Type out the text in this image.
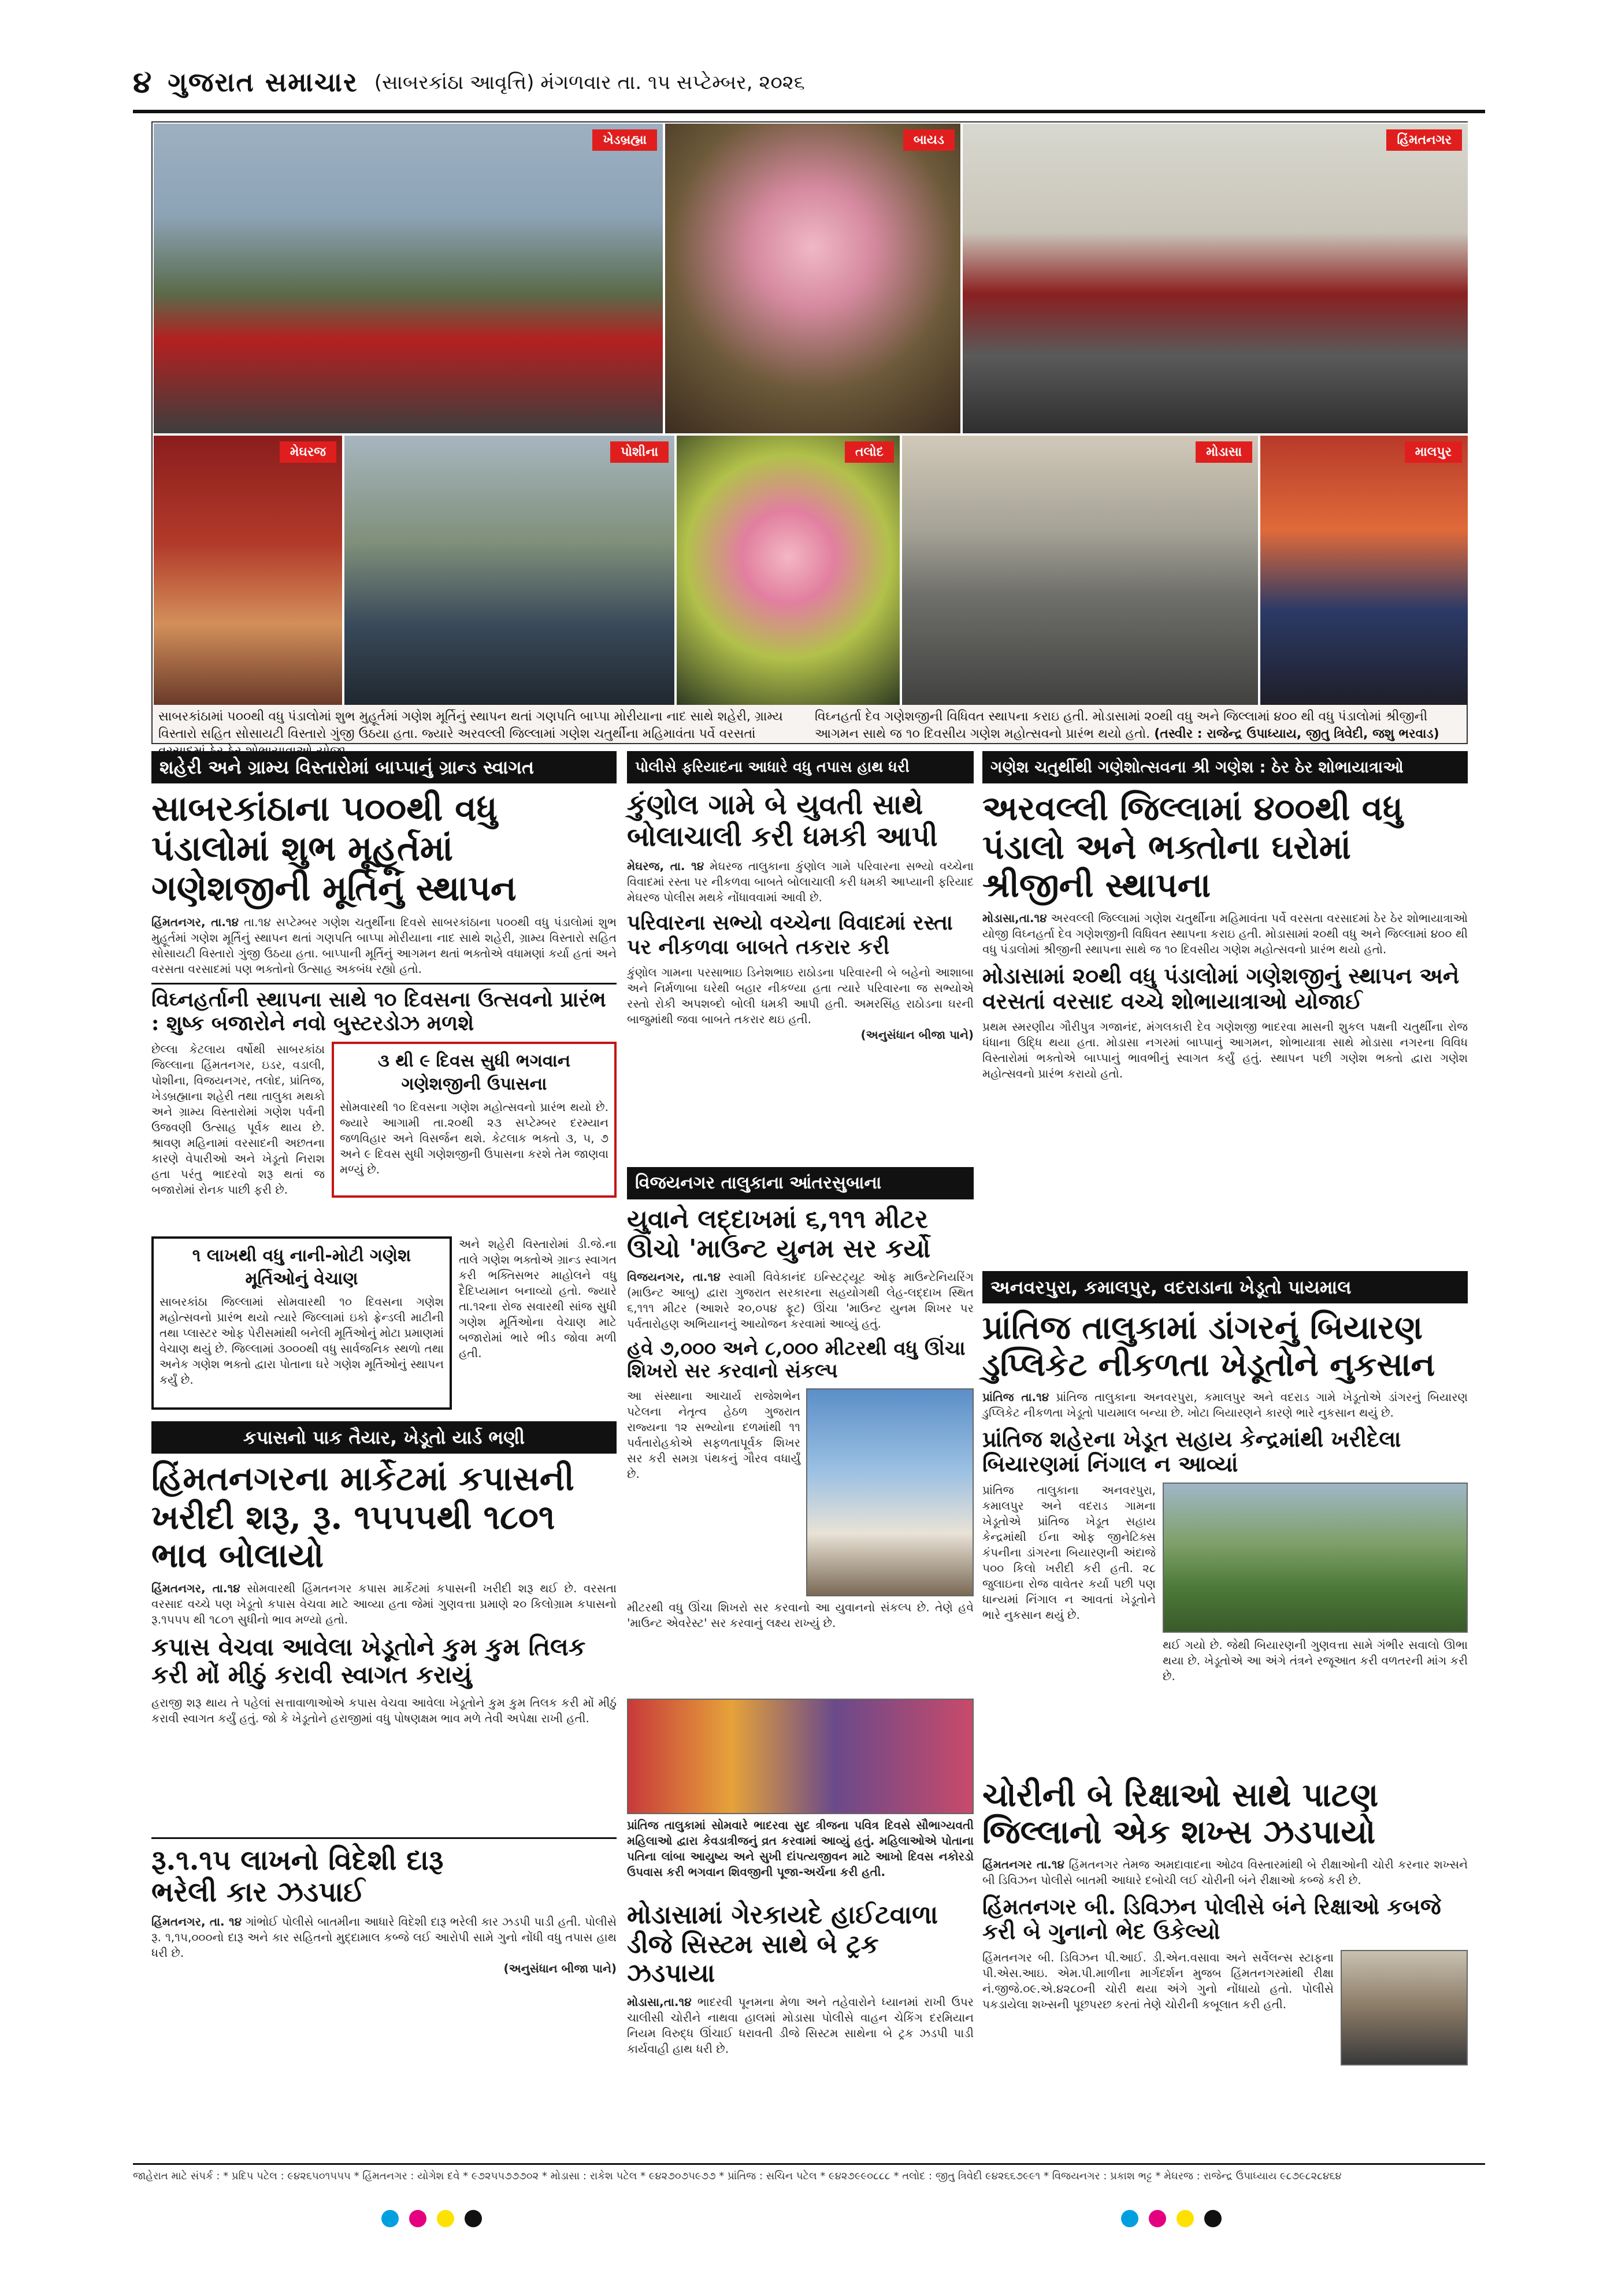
૪ ગુજરાત સમાચાર (સાબરકાંઠા આવૃત્તિ) મંગળવાર તા. ૧૫ સપ્ટેમ્બર, ૨૦૨૬
ખેડબ્રહ્મા	બાયડ	હિંમતનગર
મેઘરજ	પોશીના	તલોદ	મોડાસા	માલપુર
સાબરકાંઠામાં ૫૦૦થી વધુ પંડાલોમાં શુભ મુહૂર્તમાં ગણેશ મૂર્તિનું સ્થાપન થતાં ગણપતિ બાપ્પા મોરીયાના નાદ સાથે શહેરી, ગ્રામ્ય વિસ્તારો સહિત સોસાયટી વિસ્તારો ગુંજી ઉઠયા હતા. જ્યારે અરવલ્લી જિલ્લામાં ગણેશ ચતુર્થીના મહિમાવંતા પર્વે વરસતાં
વિઘ્નહર્તા દેવ ગણેશજીની વિધિવત સ્થાપના કરાઇ હતી. મોડાસામાં ૨૦થી વધુ અને જિલ્લામાં ૪૦૦ થી વધુ પંડાલોમાં શ્રીજીની આગમન સાથે જ ૧૦ દિવસીય ગણેશ મહોત્સવનો પ્રારંભ થયો હતો. (તસ્વીર : રાજેન્દ્ર ઉપાધ્યાય, જીતુ ત્રિવેદી, જશુ ભરવાડ)
શહેરી અને ગ્રામ્ય વિસ્તારોમાં બાપ્પાનું ગ્રાન્ડ સ્વાગત
સાબરકાંઠાના ૫૦૦થી વધુ પંડાલોમાં શુભ મૂહૂર્તમાં ગણેશજીની મૂર્તિનું સ્થાપન
હિંમતનગર, તા.૧૪ તા.૧૪ સપ્ટેમ્બર ગણેશ ચતુર્થીના દિવસે સાબરકાંઠાના ૫૦૦થી વધુ પંડાલોમાં શુભ મુહૂર્તમાં ગણેશ મૂર્તિનું સ્થાપન થતાં ગણપતિ બાપ્પા મોરીયાના નાદ સાથે શહેરી, ગ્રામ્ય વિસ્તારો સહિત સોસાયટી વિસ્તારો ગુંજી ઉઠયા હતા. બાપ્પાની મૂર્તિનું આગમન થતાં ભક્તોએ વધામણાં કર્યા હતાં અને વરસતા વરસાદમાં પણ ભક્તોનો ઉત્સાહ અકબંધ રહ્યો હતો.
વિઘ્નહર્તાની સ્થાપના સાથે ૧૦ દિવસના ઉત્સવનો પ્રારંભ : શુષ્ક બજારોને નવો બુસ્ટરડોઝ મળશે
છેલ્લા કેટલાય વર્ષોથી સાબરકાંઠા જિલ્લાના હિંમતનગર, ઇડર, વડાલી, પોશીના, વિજયનગર, તલોદ, પ્રાંતિજ, ખેડબ્રહ્માના શહેરી તથા તાલુકા મથકો અને ગ્રામ્ય વિસ્તારોમાં ગણેશ પર્વની ઉજવણી ઉત્સાહ પૂર્વક થાય છે. શ્રાવણ મહિનામાં વરસાદની અછતના કારણે વેપારીઓ અને ખેડૂતો નિરાશ હતા પરંતુ ભાદરવો શરૂ થતાં જ બજારોમાં રોનક પાછી ફરી છે.
૩ થી ૯ દિવસ સુધી ભગવાન ગણેશજીની ઉપાસના
સોમવારથી ૧૦ દિવસના ગણેશ મહોત્સવનો પ્રારંભ થયો છે. જ્યારે આગામી તા.૨૦થી ૨૩ સપ્ટેમ્બર દરમ્યાન જળવિહાર અને વિસર્જન થશે. કેટલાક ભક્તો ૩, ૫, ૭ અને ૯ દિવસ સુધી ગણેશજીની ઉપાસના કરશે તેમ જાણવા મળ્યું છે.
૧ લાખથી વધુ નાની-મોટી ગણેશ મૂર્તિઓનું વેચાણ
સાબરકાંઠા જિલ્લામાં સોમવારથી ૧૦ દિવસના ગણેશ મહોત્સવનો પ્રારંભ થયો ત્યારે જિલ્લામાં ઇકો ફ્રેન્ડલી માટીની તથા પ્લાસ્ટર ઓફ પેરીસમાંથી બનેલી મૂર્તિઓનું મોટા પ્રમાણમાં વેચાણ થયું છે. જિલ્લામાં ૩૦૦૦થી વધુ સાર્વજનિક સ્થળો તથા અનેક ગણેશ ભક્તો દ્વારા પોતાના ઘરે ગણેશ મૂર્તિઓનું સ્થાપન કર્યું છે.
અને શહેરી વિસ્તારોમાં ડી.જે.ના તાલે ગણેશ ભક્તોએ ગ્રાન્ડ સ્વાગત કરી ભક્તિસભર માહોલને વધુ દૈદિપ્યમાન બનાવ્યો હતો. જ્યારે તા.૧૨ના રોજ સવારથી સાંજ સુધી ગણેશ મૂર્તિઓના વેચાણ માટે બજારોમાં ભારે ભીડ જોવા મળી હતી.
કપાસનો પાક તૈયાર, ખેડૂતો યાર્ડ ભણી
હિંમતનગરના માર્કેટમાં કપાસની ખરીદી શરૂ, રૂ. ૧૫૫૫થી ૧૮૦૧ ભાવ બોલાયો
હિંમતનગર, તા.૧૪ સોમવારથી હિંમતનગર કપાસ માર્કેટમાં કપાસની ખરીદી શરૂ થઈ છે. વરસતા વરસાદ વચ્ચે પણ ખેડૂતો કપાસ વેચવા માટે આવ્યા હતા જેમાં ગુણવત્તા પ્રમાણે ૨૦ કિલોગ્રામ કપાસનો રૂ.૧૫૫૫ થી ૧૮૦૧ સુધીનો ભાવ મળ્યો હતો.
કપાસ વેચવા આવેલા ખેડૂતોને કુમ કુમ તિલક કરી મોં મીઠું કરાવી સ્વાગત કરાયું
હરાજી શરૂ થાય તે પહેલાં સત્તાવાળાઓએ કપાસ વેચવા આવેલા ખેડૂતોને કુમ કુમ તિલક કરી મોં મીઠું કરાવી સ્વાગત કર્યું હતું. જો કે ખેડૂતોને હરાજીમાં વધુ પોષણક્ષમ ભાવ મળે તેવી અપેક્ષા રાખી હતી.
રૂ.૧.૧૫ લાખનો વિદેશી દારૂ ભરેલી કાર ઝડપાઈ
હિંમતનગર, તા. ૧૪ ગાંભોઈ પોલીસે બાતમીના આધારે વિદેશી દારૂ ભરેલી કાર ઝડપી પાડી હતી. પોલીસે રૂ. ૧,૧૫,૦૦૦નો દારૂ અને કાર સહિતનો મુદ્દામાલ કબ્જે લઈ આરોપી સામે ગુનો નોંધી વધુ તપાસ હાથ ધરી છે.
(અનુસંધાન બીજા પાને)
પોલીસે ફરિયાદના આધારે વધુ તપાસ હાથ ધરી
કુંણોલ ગામે બે યુવતી સાથે બોલાચાલી કરી ધમકી આપી
મેઘરજ, તા. ૧૪ મેઘરજ તાલુકાના કુંણોલ ગામે પરિવારના સભ્યો વચ્ચેના વિવાદમાં રસ્તા પર નીકળવા બાબતે બોલાચાલી કરી ધમકી આપ્યાની ફરિયાદ મેઘરજ પોલીસ મથકે નોંધાવવામાં આવી છે.
પરિવારના સભ્યો વચ્ચેના વિવાદમાં રસ્તા પર નીકળવા બાબતે તકરાર કરી
કુંણોલ ગામના પરસાભાઇ ડિનેશભાઇ રાઠોડના પરિવારની બે બહેનો આશાબા અને નિર્મળાબા ઘરેથી બહાર નીકળ્યા હતા ત્યારે પરિવારના જ સભ્યોએ રસ્તો રોકી અપશબ્દો બોલી ધમકી આપી હતી. અમરસિંહ રાઠોડના ઘરની બાજુમાંથી જવા બાબતે તકરાર થઇ હતી.
(અનુસંધાન બીજા પાને)
વિજયનગર તાલુકાના આંતરસુબાના
યુવાને લદ્દાખમાં ૬,૧૧૧ મીટર ઊંચો 'માઉન્ટ યુનમ સર કર્યો
વિજયનગર, તા.૧૪ સ્વામી વિવેકાનંદ ઇન્સ્ટિટ્યૂટ ઓફ માઉન્ટેનિયરિંગ (માઉન્ટ આબુ) દ્વારા ગુજરાત સરકારના સહયોગથી લેહ-લદ્દાખ સ્થિત ૬,૧૧૧ મીટર (આશરે ૨૦,૦૫૪ ફૂટ) ઊંચા 'માઉન્ટ યુનમ શિખર પર પર્વતારોહણ અભિયાનનું આયોજન કરવામાં આવ્યું હતું.
હવે ૭,૦૦૦ અને ૮,૦૦૦ મીટરથી વધુ ઊંચા શિખરો સર કરવાનો સંકલ્પ
આ સંસ્થાના આચાર્ય રાજેશભેન પટેલના નેતૃત્વ હેઠળ ગુજરાત રાજ્યના ૧૨ સભ્યોના દળમાંથી ૧૧ પર્વતારોહકોએ સફળતાપૂર્વક શિખર સર કરી સમગ્ર પંથકનું ગૌરવ વધાર્યું છે.
મીટરથી વધુ ઊંચા શિખરો સર કરવાનો આ યુવાનનો સંકલ્પ છે. તેણે હવે 'માઉન્ટ એવરેસ્ટ' સર કરવાનું લક્ષ્ય રાખ્યું છે.
પ્રાંતિજ તાલુકામાં સોમવારે ભાદરવા સુદ ત્રીજના પવિત્ર દિવસે સૌભાગ્યવતી મહિલાઓ દ્વારા કેવડાત્રીજનું વ્રત કરવામાં આવ્યું હતું. મહિલાઓએ પોતાના પતિના લાંબા આયુષ્ય અને સુખી દાંપત્યજીવન માટે આખો દિવસ નકોરડો ઉપવાસ કરી ભગવાન શિવજીની પૂજા-અર્ચના કરી હતી.
મોડાસામાં ગેરકાયદે હાઈટવાળા ડીજે સિસ્ટમ સાથે બે ટ્રક ઝડપાયા
મોડાસા,તા.૧૪ ભાદરવી પૂનમના મેળા અને તહેવારોને ધ્યાનમાં રાખી ઉપર ચાલીસી ચોરીને નાથવા હાલમાં મોડાસા પોલીસે વાહન ચેકિંગ દરમિયાન નિયમ વિરુદ્ધ ઊંચાઈ ધરાવતી ડીજે સિસ્ટમ સાથેના બે ટ્રક ઝડપી પાડી કાર્યવાહી હાથ ધરી છે.
ગણેશ ચતુર્થીથી ગણેશોત્સવના શ્રી ગણેશ : ઠેર ઠેર શોભાયાત્રાઓ
અરવલ્લી જિલ્લામાં ૪૦૦થી વધુ પંડાલો અને ભક્તોના ઘરોમાં શ્રીજીની સ્થાપના
મોડાસા,તા.૧૪ અરવલ્લી જિલ્લામાં ગણેશ ચતુર્થીના મહિમાવંતા પર્વે વરસતા વરસાદમાં ઠેર ઠેર શોભાયાત્રાઓ યોજી વિઘ્નહર્તા દેવ ગણેશજીની વિધિવત સ્થાપના કરાઇ હતી. મોડાસામાં ૨૦થી વધુ અને જિલ્લામાં ૪૦૦ થી વધુ પંડાલોમાં શ્રીજીની સ્થાપના સાથે જ ૧૦ દિવસીય ગણેશ મહોત્સવનો પ્રારંભ થયો હતો.
મોડાસામાં ૨૦થી વધુ પંડાલોમાં ગણેશજીનું સ્થાપન અને વરસતાં વરસાદ વચ્ચે શોભાયાત્રાઓ યોજાઈ
પ્રથમ સ્મરણીય ગૌરીપુત્ર ગજાનંદ, મંગલકારી દેવ ગણેશજી ભાદરવા માસની શુકલ પક્ષની ચતુર્થીના રોજ ધંધાના ઉદ્ધિ થયા હતા. મોડાસા નગરમાં બાપ્પાનું આગમન, શોભાયાત્રા સાથે મોડાસા નગરના વિવિધ વિસ્તારોમાં ભક્તોએ બાપ્પાનું ભાવભીનું સ્વાગત કર્યું હતું. સ્થાપન પછી ગણેશ ભક્તો દ્વારા ગણેશ મહોત્સવનો પ્રારંભ કરાયો હતો.
અનવરપુરા, કમાલપુર, વદરાડાના ખેડૂતો પાયમાલ
પ્રાંતિજ તાલુકામાં ડાંગરનું બિયારણ ડુપ્લિકેટ નીકળતા ખેડૂતોને નુકસાન
પ્રાંતિજ તા.૧૪ પ્રાંતિજ તાલુકાના અનવરપુરા, કમાલપુર અને વદરાડ ગામે ખેડૂતોએ ડાંગરનું બિયારણ ડુપ્લિકેટ નીકળતા ખેડૂતો પાયમાલ બન્યા છે. ખોટા બિયારણને કારણે ભારે નુકસાન થયું છે.
પ્રાંતિજ શહેરના ખેડૂત સહાય કેન્દ્રમાંથી ખરીદેલા બિયારણમાં નિંગાલ ન આવ્યાં
પ્રાંતિજ તાલુકાના અનવરપુરા, કમાલપુર અને વદરાડ ગામના ખેડૂતોએ પ્રાંતિજ ખેડૂત સહાય કેન્દ્રમાંથી ઈના ઓફ જીનેટિક્સ કંપનીના ડાંગરના બિયારણની અંદાજે ૫૦૦ કિલો ખરીદી કરી હતી. ૨૮ જુલાઇના રોજ વાવેતર કર્યા પછી પણ ધાન્યમાં નિંગાલ ન આવતાં ખેડૂતોને ભારે નુકસાન થયું છે.
થઈ ગયો છે. જેથી બિયારણની ગુણવત્તા સામે ગંભીર સવાલો ઊભા થયા છે. ખેડૂતોએ આ અંગે તંત્રને રજૂઆત કરી વળતરની માંગ કરી છે.
ચોરીની બે રિક્ષાઓ સાથે પાટણ જિલ્લાનો એક શખ્સ ઝડપાયો
હિંમતનગર તા.૧૪ હિંમતનગર તેમજ અમદાવાદના ઓઢવ વિસ્તારમાંથી બે રીક્ષાઓની ચોરી કરનાર શખ્સને બી ડિવિઝન પોલીસે બાતમી આધારે દબોચી લઈ ચોરીની બંને રીક્ષાઓ કબ્જે કરી છે.
હિંમતનગર બી. ડિવિઝન પોલીસે બંને રિક્ષાઓ કબજે કરી બે ગુનાનો ભેદ ઉકેલ્યો
હિંમતનગર બી. ડિવિઝન પી.આઈ. ડી.એન.વસાવા અને સર્વેલન્સ સ્ટાફના પી.એસ.આઇ. એમ.પી.માળીના માર્ગદર્શન મુજબ હિંમતનગરમાંથી રીક્ષા નં.જીજે.૦૯.એ.૪૨૮૦ની ચોરી થયા અંગે ગુનો નોંધાયો હતો. પોલીસે પકડાયેલા શખ્સની પૂછપરછ કરતાં તેણે ચોરીની કબૂલાત કરી હતી.
જાહેરાત માટે સંપર્ક : * પ્રદિપ પટેલ : ૯૪૨૬૫૦૧૫૫૫ * હિંમતનગર : યોગેશ દવે * ૯૭૨૫૫૭૭૭૦૨ * મોડાસા : રાકેશ પટેલ * ૯૪૨૭૦૭૫૯૭૭ * પ્રાંતિજ : સચિન પટેલ * ૯૪૨૭૯૯૦૮૮૮ * તલોદ : જીતુ ત્રિવેદી ૯૪૨૬૬૭૯૯૧ * વિજયનગર : પ્રકાશ ભટ્ટ * મેઘરજ : રાજેન્દ્ર ઉપાધ્યાય ૯૮૭૯૮૨૮૪૬૪
